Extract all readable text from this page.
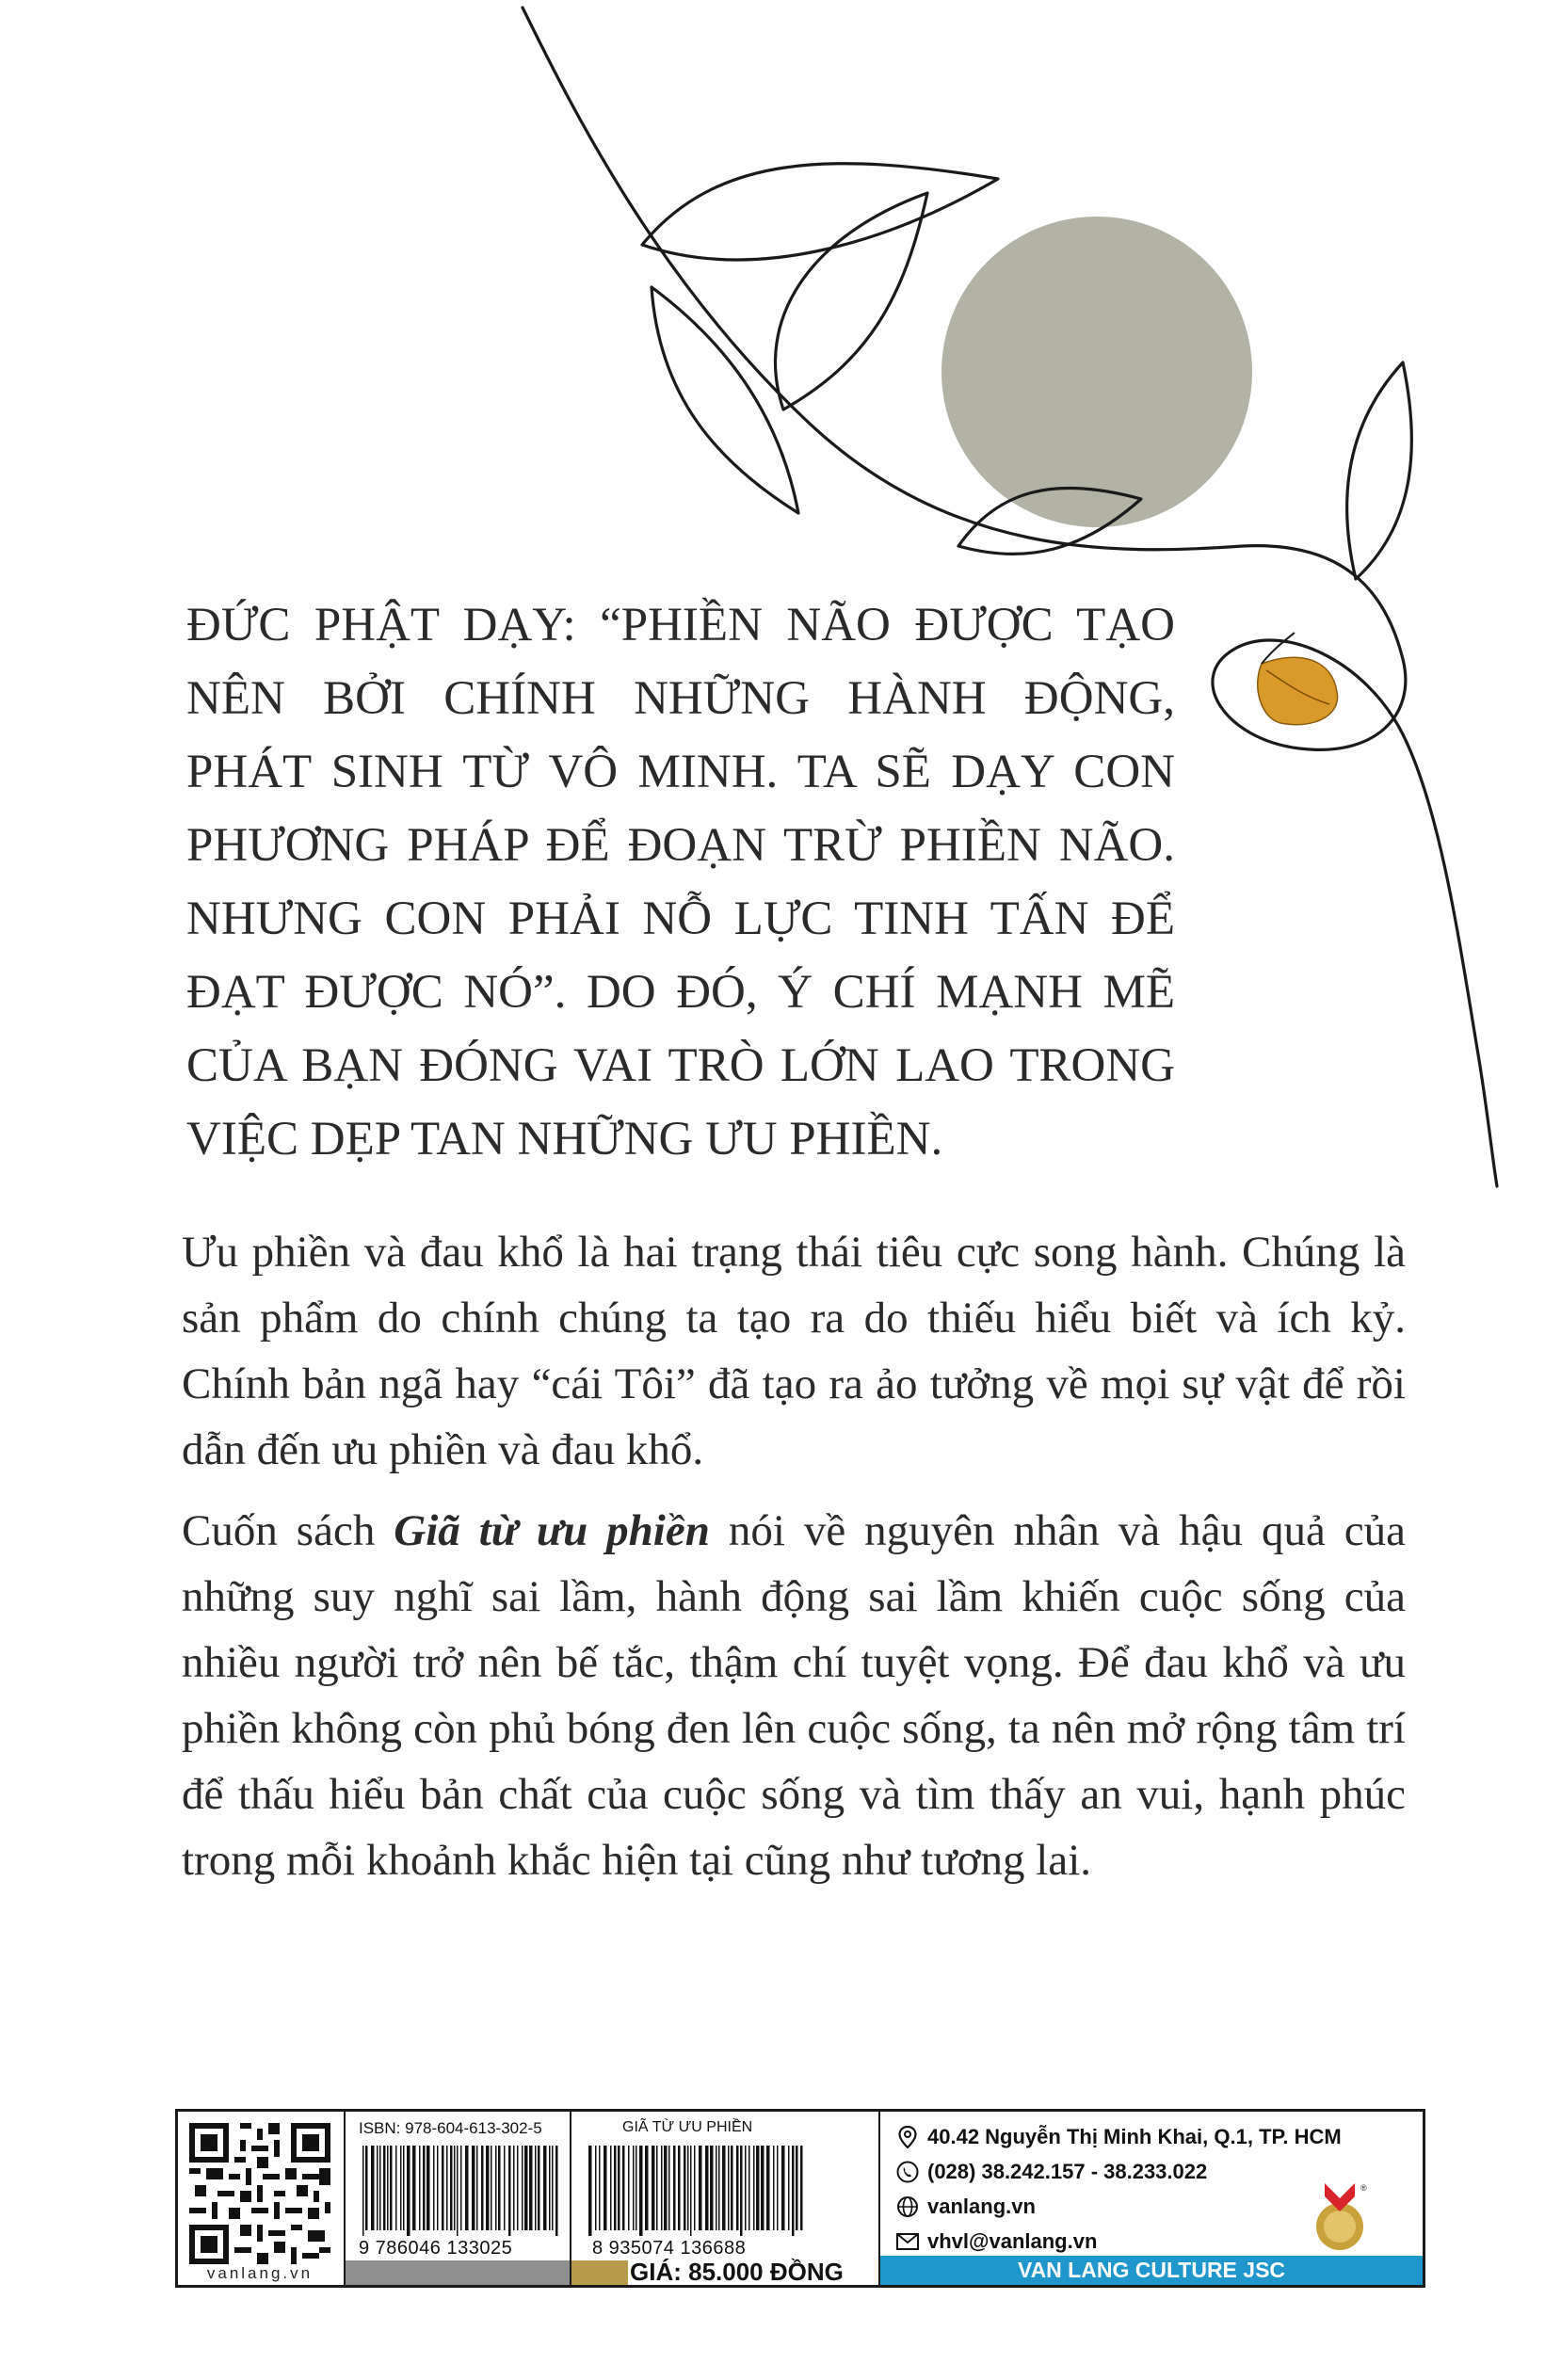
ĐỨC PHẬT DẠY: “PHIỀN NÃO ĐƯỢC TẠO NÊN BỞI CHÍNH NHỮNG HÀNH ĐỘNG, PHÁT SINH TỪ VÔ MINH. TA SẼ DẠY CON PHƯƠNG PHÁP ĐỂ ĐOẠN TRỪ PHIỀN NÃO. NHƯNG CON PHẢI NỖ LỰC TINH TẤN ĐỂ ĐẠT ĐƯỢC NÓ”. DO ĐÓ, Ý CHÍ MẠNH MẼ CỦA BẠN ĐÓNG VAI TRÒ LỚN LAO TRONG VIỆC DẸP TAN NHỮNG ƯU PHIỀN.

Ưu phiền và đau khổ là hai trạng thái tiêu cực song hành. Chúng là sản phẩm do chính chúng ta tạo ra do thiếu hiểu biết và ích kỷ. Chính bản ngã hay “cái Tôi” đã tạo ra ảo tưởng về mọi sự vật để rồi dẫn đến ưu phiền và đau khổ.

Cuốn sách Giã từ ưu phiền nói về nguyên nhân và hậu quả của những suy nghĩ sai lầm, hành động sai lầm khiến cuộc sống của nhiều người trở nên bế tắc, thậm chí tuyệt vọng. Để đau khổ và ưu phiền không còn phủ bóng đen lên cuộc sống, ta nên mở rộng tâm trí để thấu hiểu bản chất của cuộc sống và tìm thấy an vui, hạnh phúc trong mỗi khoảnh khắc hiện tại cũng như tương lai.

vanlang.vn
ISBN: 978-604-613-302-5
9 786046 133025
GIÃ TỪ ƯU PHIỀN
8 935074 136688
GIÁ: 85.000 ĐỒNG
40.42 Nguyễn Thị Minh Khai, Q.1, TP. HCM
(028) 38.242.157 - 38.233.022
vanlang.vn
vhvl@vanlang.vn
®
VAN LANG CULTURE JSC
